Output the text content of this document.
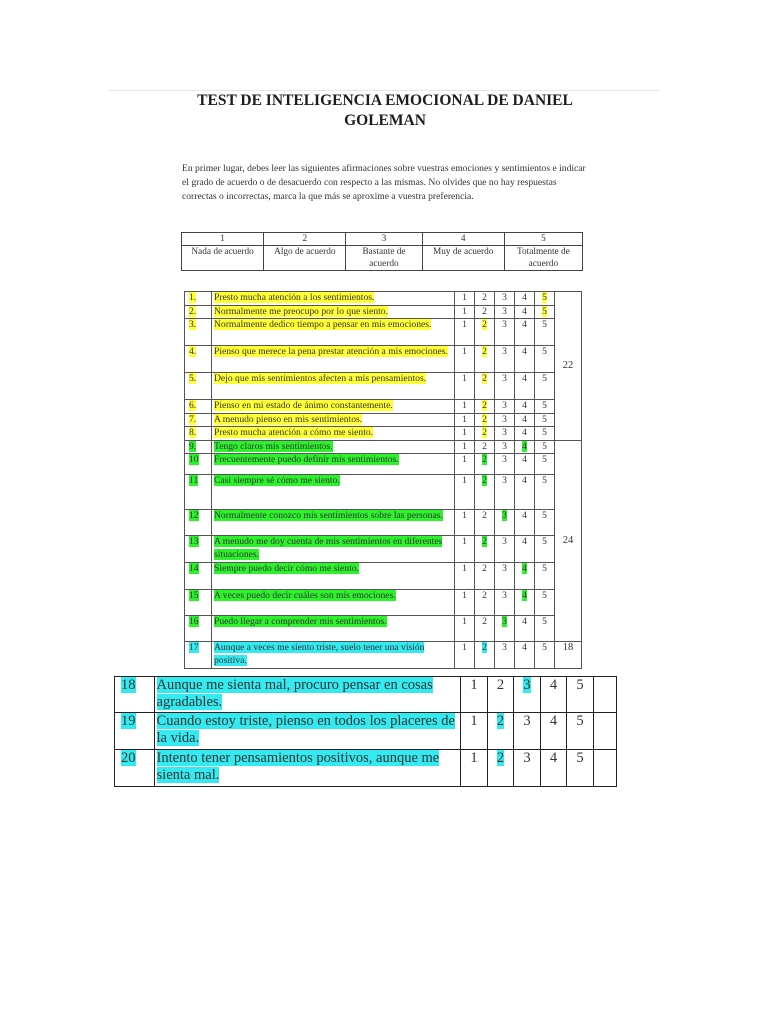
TEST DE INTELIGENCIA EMOCIONAL DE DANIEL
GOLEMAN
En primer lugar, debes leer las siguientes afirmaciones sobre vuestras emociones y sentimientos e indicar el grado de acuerdo o de desacuerdo con respecto a las mismas. No olvides que no hay respuestas correctas o incorrectas, marca la que más se aproxime a vuestra preferencia.
1	2	3	4	5
Nada de acuerdo	Algo de acuerdo	Bastante de acuerdo	Muy de acuerdo	Totalmente de acuerdo
1.	Presto mucha atención a los sentimientos.	1	2	3	4	5	22
2.	Normalmente me preocupo por lo que siento.	1	2	3	4	5	
3.	Normalmente dedico tiempo a pensar en mis emociones.	1	2	3	4	5	
4.	Pienso que merece la pena prestar atención a mis emociones.	1	2	3	4	5	
5.	Dejo que mis sentimientos afecten a mis pensamientos.	1	2	3	4	5	
6.	Pienso en mi estado de ánimo constantemente.	1	2	3	4	5	
7.	A menudo pienso en mis sentimientos.	1	2	3	4	5	
8.	Presto mucha atención a cómo me siento.	1	2	3	4	5	
9.	Tengo claros mis sentimientos.	1	2	3	4	5	24
10	Frecuentemente puedo definir mis sentimientos.	1	2	3	4	5	
11	Casi siempre sé cómo me siento.	1	2	3	4	5	
12	Normalmente conozco mis sentimientos sobre las personas.	1	2	3	4	5	
13	A menudo me doy cuenta de mis sentimientos en diferentes situaciones.	1	2	3	4	5	
14	Siempre puedo decir cómo me siento.	1	2	3	4	5	
15	A veces puedo decir cuáles son mis emociones.	1	2	3	4	5	
16	Puedo llegar a comprender mis sentimientos.	1	2	3	4	5	
17	Aunque a veces me siento triste, suelo tener una visión positiva.	1	2	3	4	5	18
18	Aunque me sienta mal, procuro pensar en cosas agradables.	1	2	3	4	5	
19	Cuando estoy triste, pienso en todos los placeres de la vida.	1	2	3	4	5	
20	Intento tener pensamientos positivos, aunque me sienta mal.	1	2	3	4	5	
